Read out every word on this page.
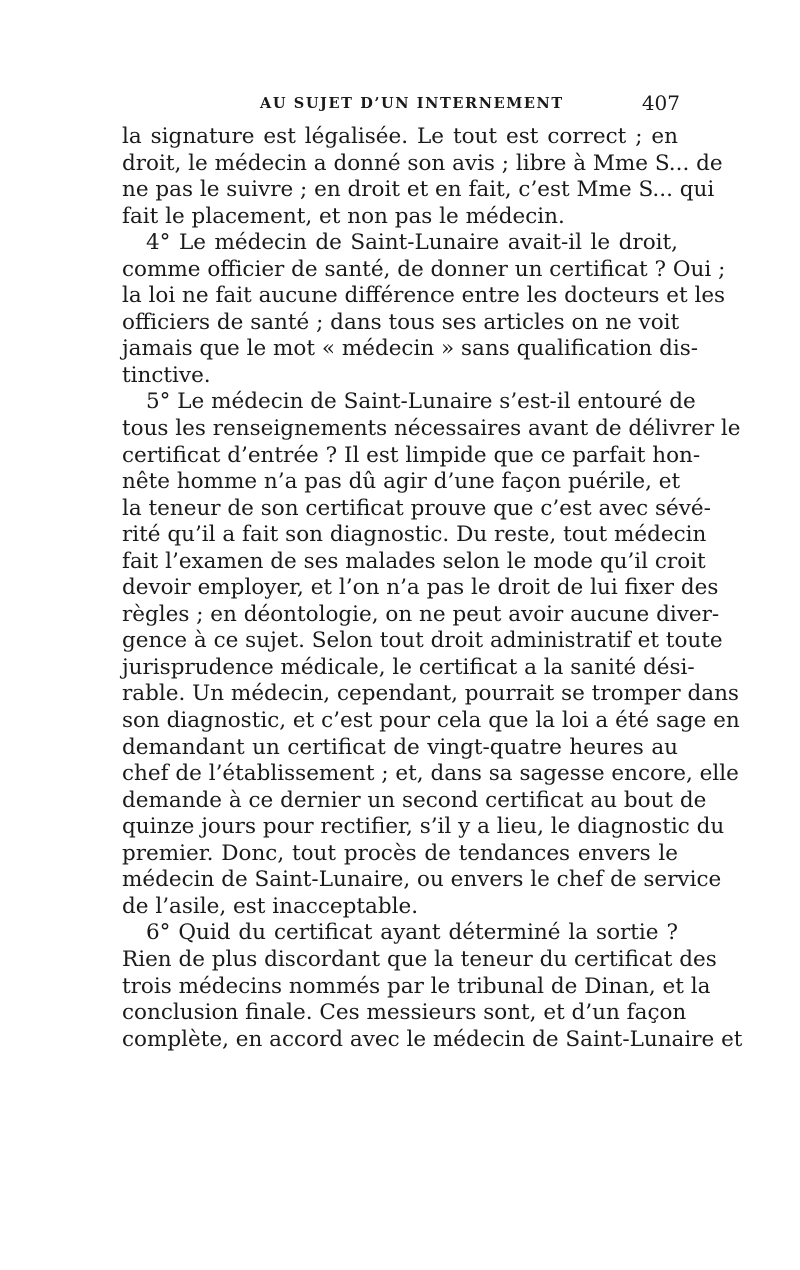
AU SUJET D’UN INTERNEMENT	407
la signature est légalisée. Le tout est correct ; en
droit, le médecin a donné son avis ; libre à Mme S... de
ne pas le suivre ; en droit et en fait, c’est Mme S... qui
fait le placement, et non pas le médecin.
4° Le médecin de Saint-Lunaire avait-il le droit,
comme officier de santé, de donner un certificat ? Oui ;
la loi ne fait aucune différence entre les docteurs et les
officiers de santé ; dans tous ses articles on ne voit
jamais que le mot « médecin » sans qualification dis-
tinctive.
5° Le médecin de Saint-Lunaire s’est-il entouré de
tous les renseignements nécessaires avant de délivrer le
certificat d’entrée ? Il est limpide que ce parfait hon-
nête homme n’a pas dû agir d’une façon puérile, et
la teneur de son certificat prouve que c’est avec sévé-
rité qu’il a fait son diagnostic. Du reste, tout médecin
fait l’examen de ses malades selon le mode qu’il croit
devoir employer, et l’on n’a pas le droit de lui fixer des
règles ; en déontologie, on ne peut avoir aucune diver-
gence à ce sujet. Selon tout droit administratif et toute
jurisprudence médicale, le certificat a la sanité dési-
rable. Un médecin, cependant, pourrait se tromper dans
son diagnostic, et c’est pour cela que la loi a été sage en
demandant un certificat de vingt-quatre heures au
chef de l’établissement ; et, dans sa sagesse encore, elle
demande à ce dernier un second certificat au bout de
quinze jours pour rectifier, s’il y a lieu, le diagnostic du
premier. Donc, tout procès de tendances envers le
médecin de Saint-Lunaire, ou envers le chef de service
de l’asile, est inacceptable.
6° Quid du certificat ayant déterminé la sortie ?
Rien de plus discordant que la teneur du certificat des
trois médecins nommés par le tribunal de Dinan, et la
conclusion finale. Ces messieurs sont, et d’un façon
complète, en accord avec le médecin de Saint-Lunaire et
